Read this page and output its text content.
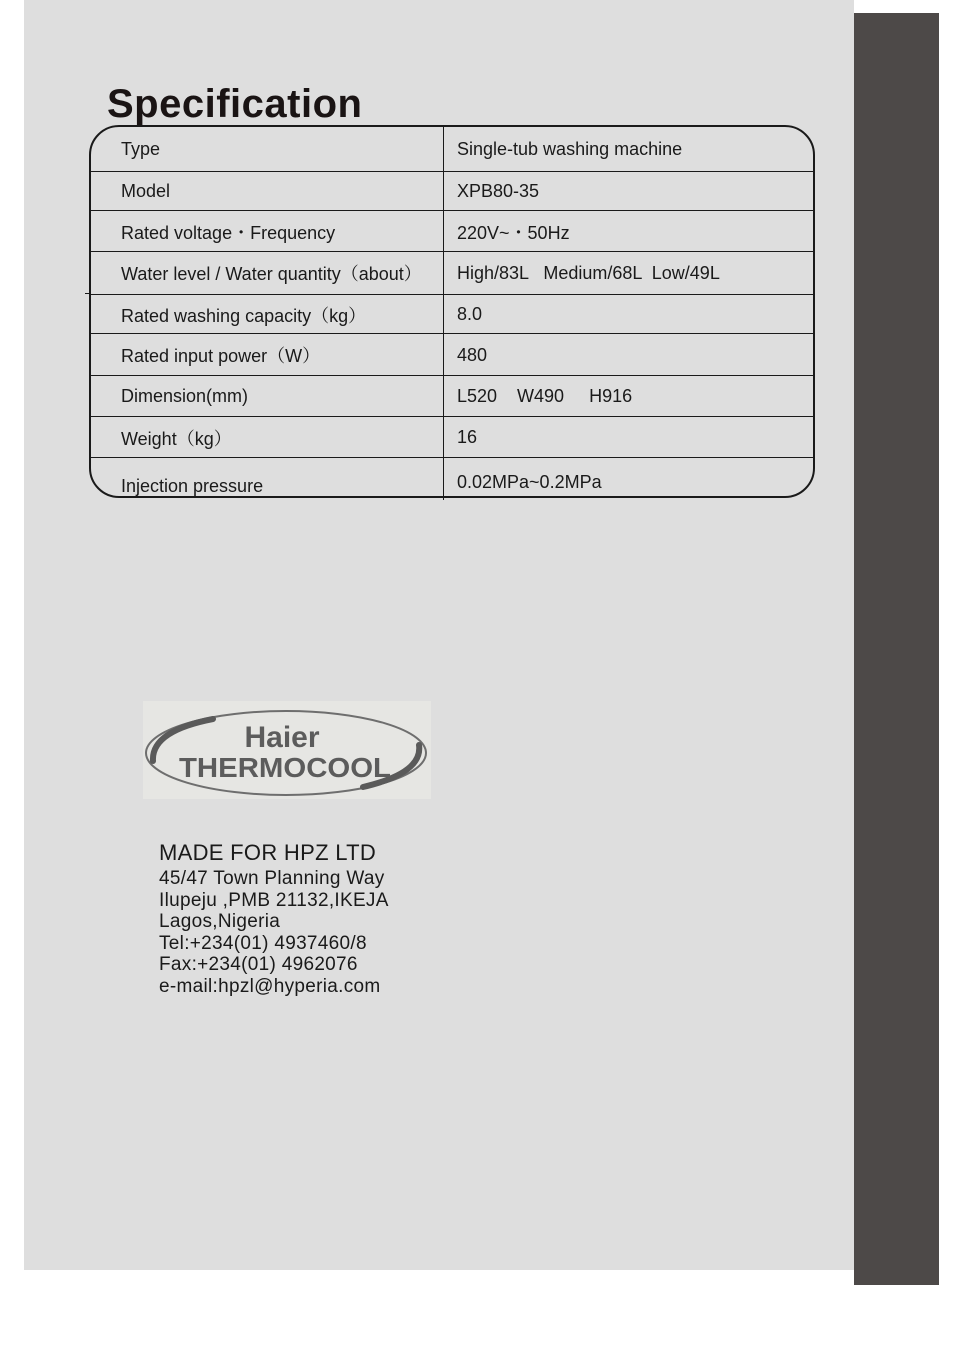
Specification
Type	Single-tub washing machine
Model	XPB80-35
Rated voltage・Frequency	220V~・50Hz
Water level / Water quantity（about） High/83L   Medium/68L  Low/49L
Rated washing capacity（kg）	8.0
Rated input power（W）	480
Dimension(mm)	L520    W490     H916
Weight（kg）	16
Injection pressure	0.02MPa~0.2MPa
Haier
THERMOCOOL
MADE FOR HPZ LTD
45/47 Town Planning Way
Ilupeju ,PMB 21132,IKEJA
Lagos,Nigeria
Tel:+234(01) 4937460/8
Fax:+234(01) 4962076
e-mail:hpzl@hyperia.com
